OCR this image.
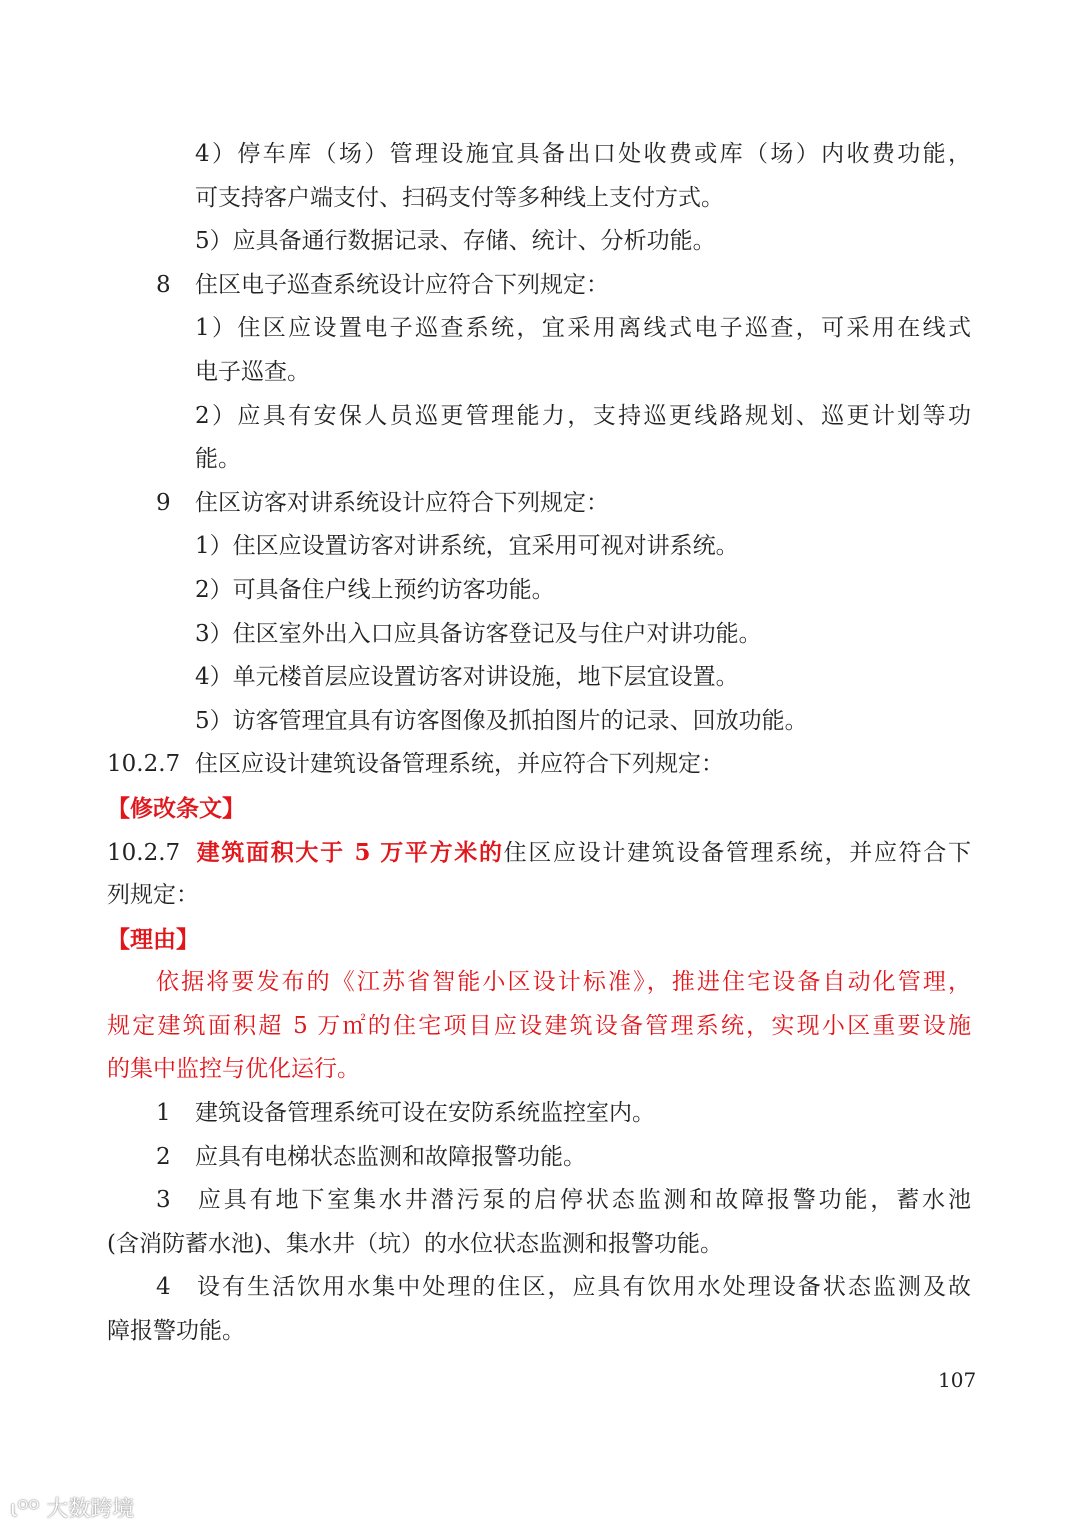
4）停车库（场）管理设施宜具备出口处收费或库（场）内收费功能，
可支持客户端支付、扫码支付等多种线上支付方式。
5）应具备通行数据记录、存储、统计、分析功能。
8 住区电子巡查系统设计应符合下列规定：
1）住区应设置电子巡查系统，宜采用离线式电子巡查，可采用在线式
电子巡查。
2）应具有安保人员巡更管理能力，支持巡更线路规划、巡更计划等功
能。
9 住区访客对讲系统设计应符合下列规定：
1）住区应设置访客对讲系统，宜采用可视对讲系统。
2）可具备住户线上预约访客功能。
3）住区室外出入口应具备访客登记及与住户对讲功能。
4）单元楼首层应设置访客对讲设施，地下层宜设置。
5）访客管理宜具有访客图像及抓拍图片的记录、回放功能。
10.2.7 住区应设计建筑设备管理系统，并应符合下列规定：
【修改条文】
10.2.7 建筑面积大于 5 万平方米的住区应设计建筑设备管理系统，并应符合下
列规定：
【理由】
依据将要发布的《江苏省智能小区设计标准》，推进住宅设备自动化管理，
规定建筑面积超 5 万㎡的住宅项目应设建筑设备管理系统，实现小区重要设施
的集中监控与优化运行。
1 建筑设备管理系统可设在安防系统监控室内。
2 应具有电梯状态监测和故障报警功能。
3 应具有地下室集水井潜污泵的启停状态监测和故障报警功能，蓄水池
(含消防蓄水池)、集水井（坑）的水位状态监测和报警功能。
4 设有生活饮用水集中处理的住区，应具有饮用水处理设备状态监测及故
障报警功能。
107
ιᴼᴼ 大数跨境
